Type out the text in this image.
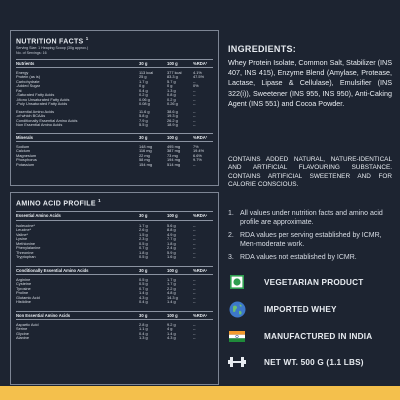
NUTRITION FACTS $^1$
Serving Size: 1 Heaping Scoop (30g approx.)
No. of Servings: 16
Nutrients	30 g	100 g	%RDA²
Energy	113 kcal	377 kcal	4.1%
Protein (as is)	25 g	83.3 g	47.5%
Carbohydrate	1.7 g	5.7 g	--
-Added Sugar	0 g	0 g	0%
Fat	0.4 g	1.3 g	--
-Saturated Fatty Acids	0.2 g	0.8 g	--
-Mono Unsaturated Fatty Acids	0.06 g	0.2 g	--
-Poly Unsaturated Fatty Acids	0.08 g	0.26 g	--
Essential Amino Acids	11.6 g	38.6 g	--
-of which BCAAs	5.8 g	19.3 g	--
Conditionally Essential Amino Acids	7.9 g	26.2 g	--
Non Essential Amino Acids	5.5 g	18.9 g	--
Minerals	30 g	100 g	%RDA²
Sodium	148 mg	495 mg	7%
Calcium	116 mg	387 mg	19.4%
Magnesium	22 mg	73 mg	6.6%
Phosphorus	58 mg	194 mg	9.7%
Potassium	154 mg	514 mg	--
AMINO ACID PROFILE $^1$
Essential Amino Acids	30 g	100 g	%RDA³
Isoleucine*	1.7 g	5.6 g	--
Leucine*	2.6 g	8.8 g	--
Valine*	1.5 g	4.9 g	--
Lysine	2.3 g	7.7 g	--
Methionine	0.5 g	1.8 g	--
Phenylalanine	0.7 g	2.4 g	--
Threonine	1.8 g	5.9 g	--
Tryptophan	0.5 g	1.6 g	--
Conditionally Essential Amino Acids	30 g	100 g	%RDA³
Arginine	0.5 g	1.7 g	--
Cysteine	0.5 g	1.7 g	--
Tyrosine	0.7 g	2.2 g	--
Proline	1.4 g	4.8 g	--
Glutamic Acid	4.3 g	14.3 g	--
Histidine	0.4 g	1.4 g	--
Non Essential Amino Acids	30 g	100 g	%RDA³
Aspartic Acid	2.8 g	9.2 g	--
Serine	1.1 g	4 g	--
Glycine	0.4 g	1.4 g	--
Alanine	1.3 g	4.3 g	--
INGREDIENTS:
Whey Protein Isolate, Common Salt, Stabilizer (INS 407, INS 415), Enzyme Blend (Amylase, Protease, Lactase, Lipase & Cellulase), Emulsifier (INS 322(i)), Sweetener (INS 955, INS 950), Anti-Caking Agent (INS 551) and Cocoa Powder.
CONTAINS ADDED NATURAL, NATURE-IDENTICAL AND ARTIFICIAL FLAVOURING SUBSTANCE. CONTAINS ARTIFICIAL SWEETENER AND FOR CALORIE CONSCIOUS.
1. All values under nutrition facts and amino acid profile are approximate.
2. RDA values per serving established by ICMR, Men-moderate work.
3. RDA values not established by ICMR.
VEGETARIAN PRODUCT
IMPORTED WHEY
MANUFACTURED IN INDIA
NET WT. 500 G (1.1 LBS)
